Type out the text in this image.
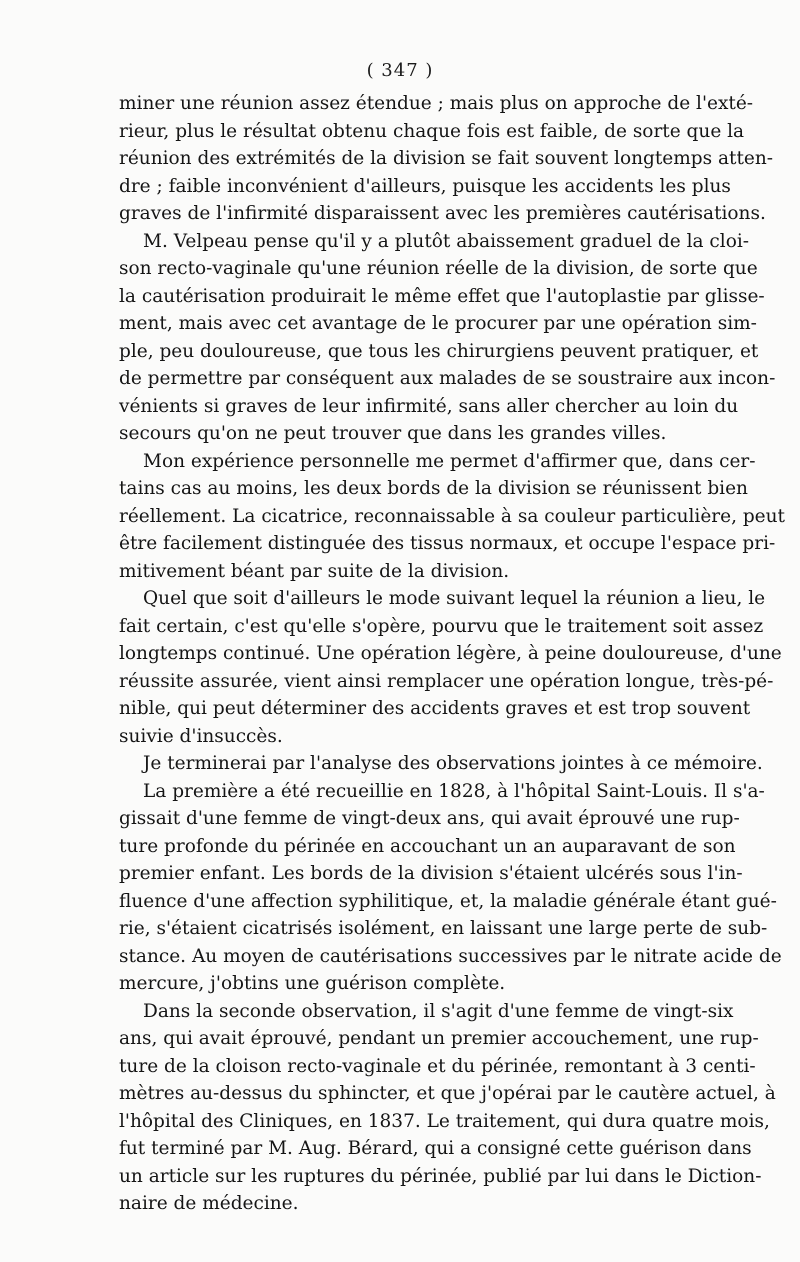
( 347 )
miner une réunion assez étendue ; mais plus on approche de l'exté-
rieur, plus le résultat obtenu chaque fois est faible, de sorte que la
réunion des extrémités de la division se fait souvent longtemps atten-
dre ; faible inconvénient d'ailleurs, puisque les accidents les plus
graves de l'infirmité disparaissent avec les premières cautérisations.
M. Velpeau pense qu'il y a plutôt abaissement graduel de la cloi-
son recto-vaginale qu'une réunion réelle de la division, de sorte que
la cautérisation produirait le même effet que l'autoplastie par glisse-
ment, mais avec cet avantage de le procurer par une opération sim-
ple, peu douloureuse, que tous les chirurgiens peuvent pratiquer, et
de permettre par conséquent aux malades de se soustraire aux incon-
vénients si graves de leur infirmité, sans aller chercher au loin du
secours qu'on ne peut trouver que dans les grandes villes.
Mon expérience personnelle me permet d'affirmer que, dans cer-
tains cas au moins, les deux bords de la division se réunissent bien
réellement. La cicatrice, reconnaissable à sa couleur particulière, peut
être facilement distinguée des tissus normaux, et occupe l'espace pri-
mitivement béant par suite de la division.
Quel que soit d'ailleurs le mode suivant lequel la réunion a lieu, le
fait certain, c'est qu'elle s'opère, pourvu que le traitement soit assez
longtemps continué. Une opération légère, à peine douloureuse, d'une
réussite assurée, vient ainsi remplacer une opération longue, très-pé-
nible, qui peut déterminer des accidents graves et est trop souvent
suivie d'insuccès.
Je terminerai par l'analyse des observations jointes à ce mémoire.
La première a été recueillie en 1828, à l'hôpital Saint-Louis. Il s'a-
gissait d'une femme de vingt-deux ans, qui avait éprouvé une rup-
ture profonde du périnée en accouchant un an auparavant de son
premier enfant. Les bords de la division s'étaient ulcérés sous l'in-
fluence d'une affection syphilitique, et, la maladie générale étant gué-
rie, s'étaient cicatrisés isolément, en laissant une large perte de sub-
stance. Au moyen de cautérisations successives par le nitrate acide de
mercure, j'obtins une guérison complète.
Dans la seconde observation, il s'agit d'une femme de vingt-six
ans, qui avait éprouvé, pendant un premier accouchement, une rup-
ture de la cloison recto-vaginale et du périnée, remontant à 3 centi-
mètres au-dessus du sphincter, et que j'opérai par le cautère actuel, à
l'hôpital des Cliniques, en 1837. Le traitement, qui dura quatre mois,
fut terminé par M. Aug. Bérard, qui a consigné cette guérison dans
un article sur les ruptures du périnée, publié par lui dans le Diction-
naire de médecine.
